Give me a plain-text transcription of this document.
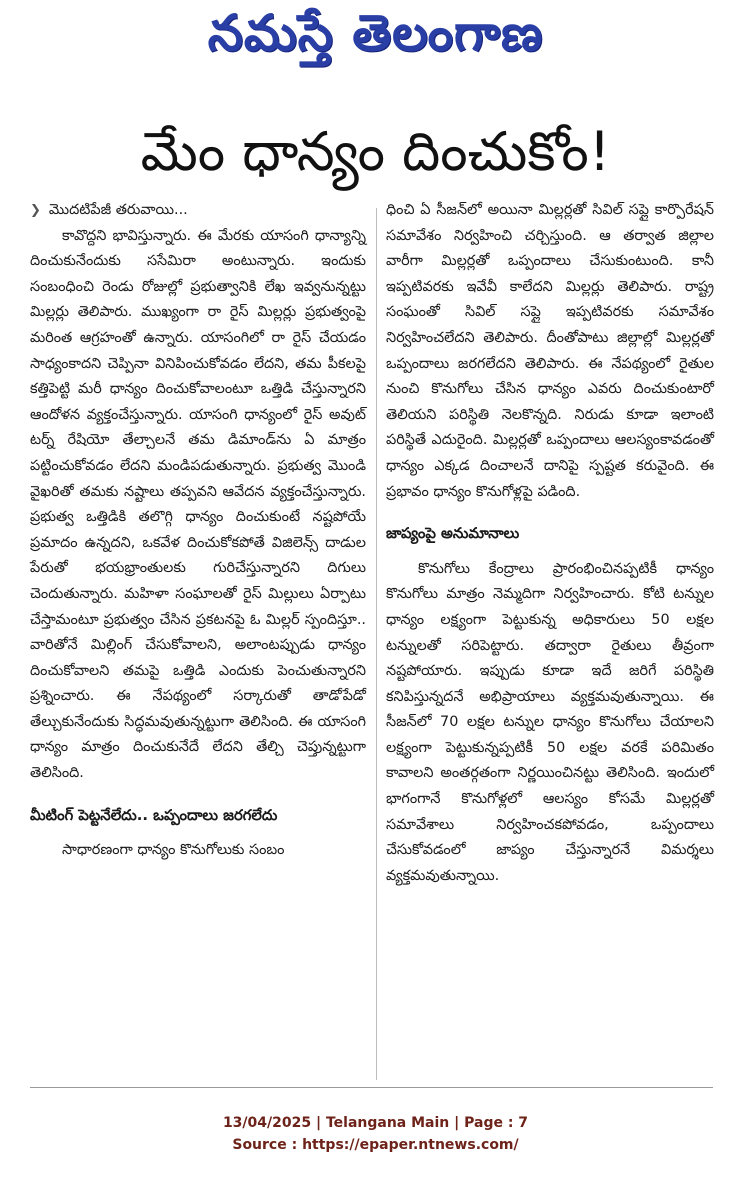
నమస్తే తెలంగాణ
మేం ధాన్యం దించుకోం!

❯ మొదటిపేజీ తరువాయి...

కావొద్దని భావిస్తున్నారు. ఈ మేరకు యాసంగి ధాన్యాన్ని దించుకునేందుకు ససేమిరా అంటున్నారు. ఇందుకు సంబంధించి రెండు రోజుల్లో ప్రభుత్వానికి లేఖ ఇవ్వనున్నట్టు మిల్లర్లు తెలిపారు. ముఖ్యంగా రా రైస్ మిల్లర్లు ప్రభుత్వంపై మరింత ఆగ్రహంతో ఉన్నారు. యాసంగిలో రా రైస్ చేయడం సాధ్యంకాదని చెప్పినా వినిపించుకోవడం లేదని, తమ పీకలపై కత్తిపెట్టి మరీ ధాన్యం దించుకోవాలంటూ ఒత్తిడి చేస్తున్నారని ఆందోళన వ్యక్తంచేస్తున్నారు. యాసంగి ధాన్యంలో రైస్ అవుట్ టర్న్ రేషియో తేల్చాలనే తమ డిమాండ్‌ను ఏ మాత్రం పట్టించుకోవడం లేదని మండిపడుతున్నారు. ప్రభుత్వ మొండి వైఖరితో తమకు నష్టాలు తప్పవని ఆవేదన వ్యక్తంచేస్తున్నారు. ప్రభుత్వ ఒత్తిడికి తలొగ్గి ధాన్యం దించుకుంటే నష్టపోయే ప్రమాదం ఉన్నదని, ఒకవేళ దించుకోకపోతే విజిలెన్స్ దాడుల పేరుతో భయభ్రాంతులకు గురిచేస్తున్నారని దిగులు చెందుతున్నారు. మహిళా సంఘాలతో రైస్ మిల్లులు ఏర్పాటు చేస్తామంటూ ప్రభుత్వం చేసిన ప్రకటనపై ఓ మిల్లర్ స్పందిస్తూ.. వారితోనే మిల్లింగ్ చేసుకోవాలని, అలాంటప్పుడు ధాన్యం దించుకోవాలని తమపై ఒత్తిడి ఎందుకు పెంచుతున్నారని ప్రశ్నించారు. ఈ నేపథ్యంలో సర్కారుతో తాడోపేడో తేల్చుకునేందుకు సిద్ధమవుతున్నట్టుగా తెలిసింది. ఈ యాసంగి ధాన్యం మాత్రం దించుకునేదే లేదని తేల్చి చెప్తున్నట్టుగా తెలిసింది.

మీటింగ్ పెట్టనేలేదు.. ఒప్పందాలు జరగలేదు

సాధారణంగా ధాన్యం కొనుగోలుకు సంబం

ధించి ఏ సీజన్‌లో అయినా మిల్లర్లతో సివిల్ సప్లై కార్పొరేషన్ సమావేశం నిర్వహించి చర్చిస్తుంది. ఆ తర్వాత జిల్లాల వారీగా మిల్లర్లతో ఒప్పందాలు చేసుకుంటుంది. కానీ ఇప్పటివరకు ఇవేవీ కాలేదని మిల్లర్లు తెలిపారు. రాష్ట్ర సంఘంతో సివిల్ సప్లై ఇప్పటివరకు సమావేశం నిర్వహించలేదని తెలిపారు. దీంతోపాటు జిల్లాల్లో మిల్లర్లతో ఒప్పందాలు జరగలేదని తెలిపారు. ఈ నేపథ్యంలో రైతుల నుంచి కొనుగోలు చేసిన ధాన్యం ఎవరు దించుకుంటారో తెలియని పరిస్థితి నెలకొన్నది. నిరుడు కూడా ఇలాంటి పరిస్థితే ఎదురైంది. మిల్లర్లతో ఒప్పందాలు ఆలస్యంకావడంతో ధాన్యం ఎక్కడ దించాలనే దానిపై స్పష్టత కరువైంది. ఈ ప్రభావం ధాన్యం కొనుగోళ్లపై పడింది.

జాప్యంపై అనుమానాలు

కొనుగోలు కేంద్రాలు ప్రారంభించినప్పటికీ ధాన్యం కొనుగోలు మాత్రం నెమ్మదిగా నిర్వహించారు. కోటి టన్నుల ధాన్యం లక్ష్యంగా పెట్టుకున్న అధికారులు 50 లక్షల టన్నులతో సరిపెట్టారు. తద్వారా రైతులు తీవ్రంగా నష్టపోయారు. ఇప్పుడు కూడా ఇదే జరిగే పరిస్థితి కనిపిస్తున్నదనే అభిప్రాయాలు వ్యక్తమవుతున్నాయి. ఈ సీజన్‌లో 70 లక్షల టన్నుల ధాన్యం కొనుగోలు చేయాలని లక్ష్యంగా పెట్టుకున్నప్పటికీ 50 లక్షల వరకే పరిమితం కావాలని అంతర్గతంగా నిర్ణయించినట్టు తెలిసింది. ఇందులో భాగంగానే కొనుగోళ్లలో ఆలస్యం కోసమే మిల్లర్లతో సమావేశాలు నిర్వహించకపోవడం, ఒప్పందాలు చేసుకోవడంలో జాప్యం చేస్తున్నారనే విమర్శలు వ్యక్తమవుతున్నాయి.

13/04/2025 | Telangana Main | Page : 7
Source : https://epaper.ntnews.com/
